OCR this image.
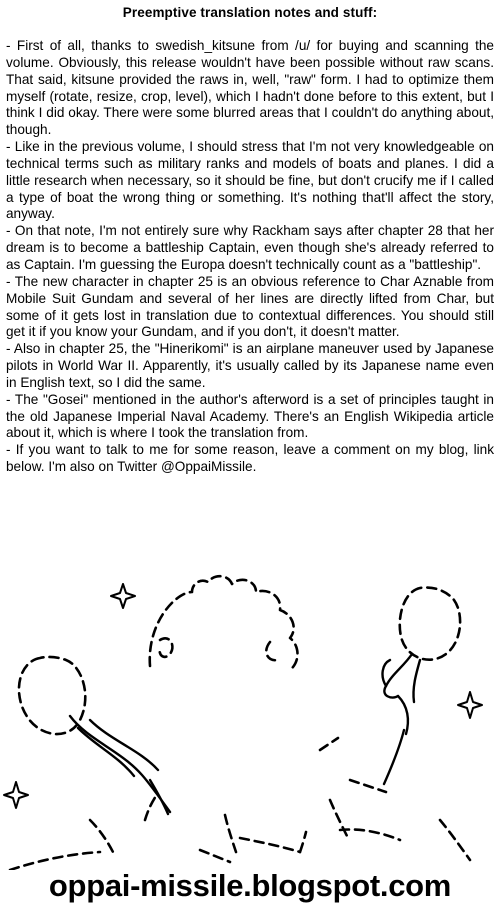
Preemptive translation notes and stuff:

- First of all, thanks to swedish_kitsune from /u/ for buying and scanning the volume. Obviously, this release wouldn't have been possible without raw scans. That said, kitsune provided the raws in, well, "raw" form. I had to optimize them myself (rotate, resize, crop, level), which I hadn't done before to this extent, but I think I did okay. There were some blurred areas that I couldn't do anything about, though.

- Like in the previous volume, I should stress that I'm not very knowledgeable on technical terms such as military ranks and models of boats and planes. I did a little research when necessary, so it should be fine, but don't crucify me if I called a type of boat the wrong thing or something. It's nothing that'll affect the story, anyway.

- On that note, I'm not entirely sure why Rackham says after chapter 28 that her dream is to become a battleship Captain, even though she's already referred to as Captain. I'm guessing the Europa doesn't technically count as a "battleship".

- The new character in chapter 25 is an obvious reference to Char Aznable from Mobile Suit Gundam and several of her lines are directly lifted from Char, but some of it gets lost in translation due to contextual differences. You should still get it if you know your Gundam, and if you don't, it doesn't matter.

- Also in chapter 25, the "Hinerikomi" is an airplane maneuver used by Japanese pilots in World War II. Apparently, it's usually called by its Japanese name even in English text, so I did the same.

- The "Gosei" mentioned in the author's afterword is a set of principles taught in the old Japanese Imperial Naval Academy. There's an English Wikipedia article about it, which is where I took the translation from.

- If you want to talk to me for some reason, leave a comment on my blog, link below. I'm also on Twitter @OppaiMissile.

oppai-missile.blogspot.com
